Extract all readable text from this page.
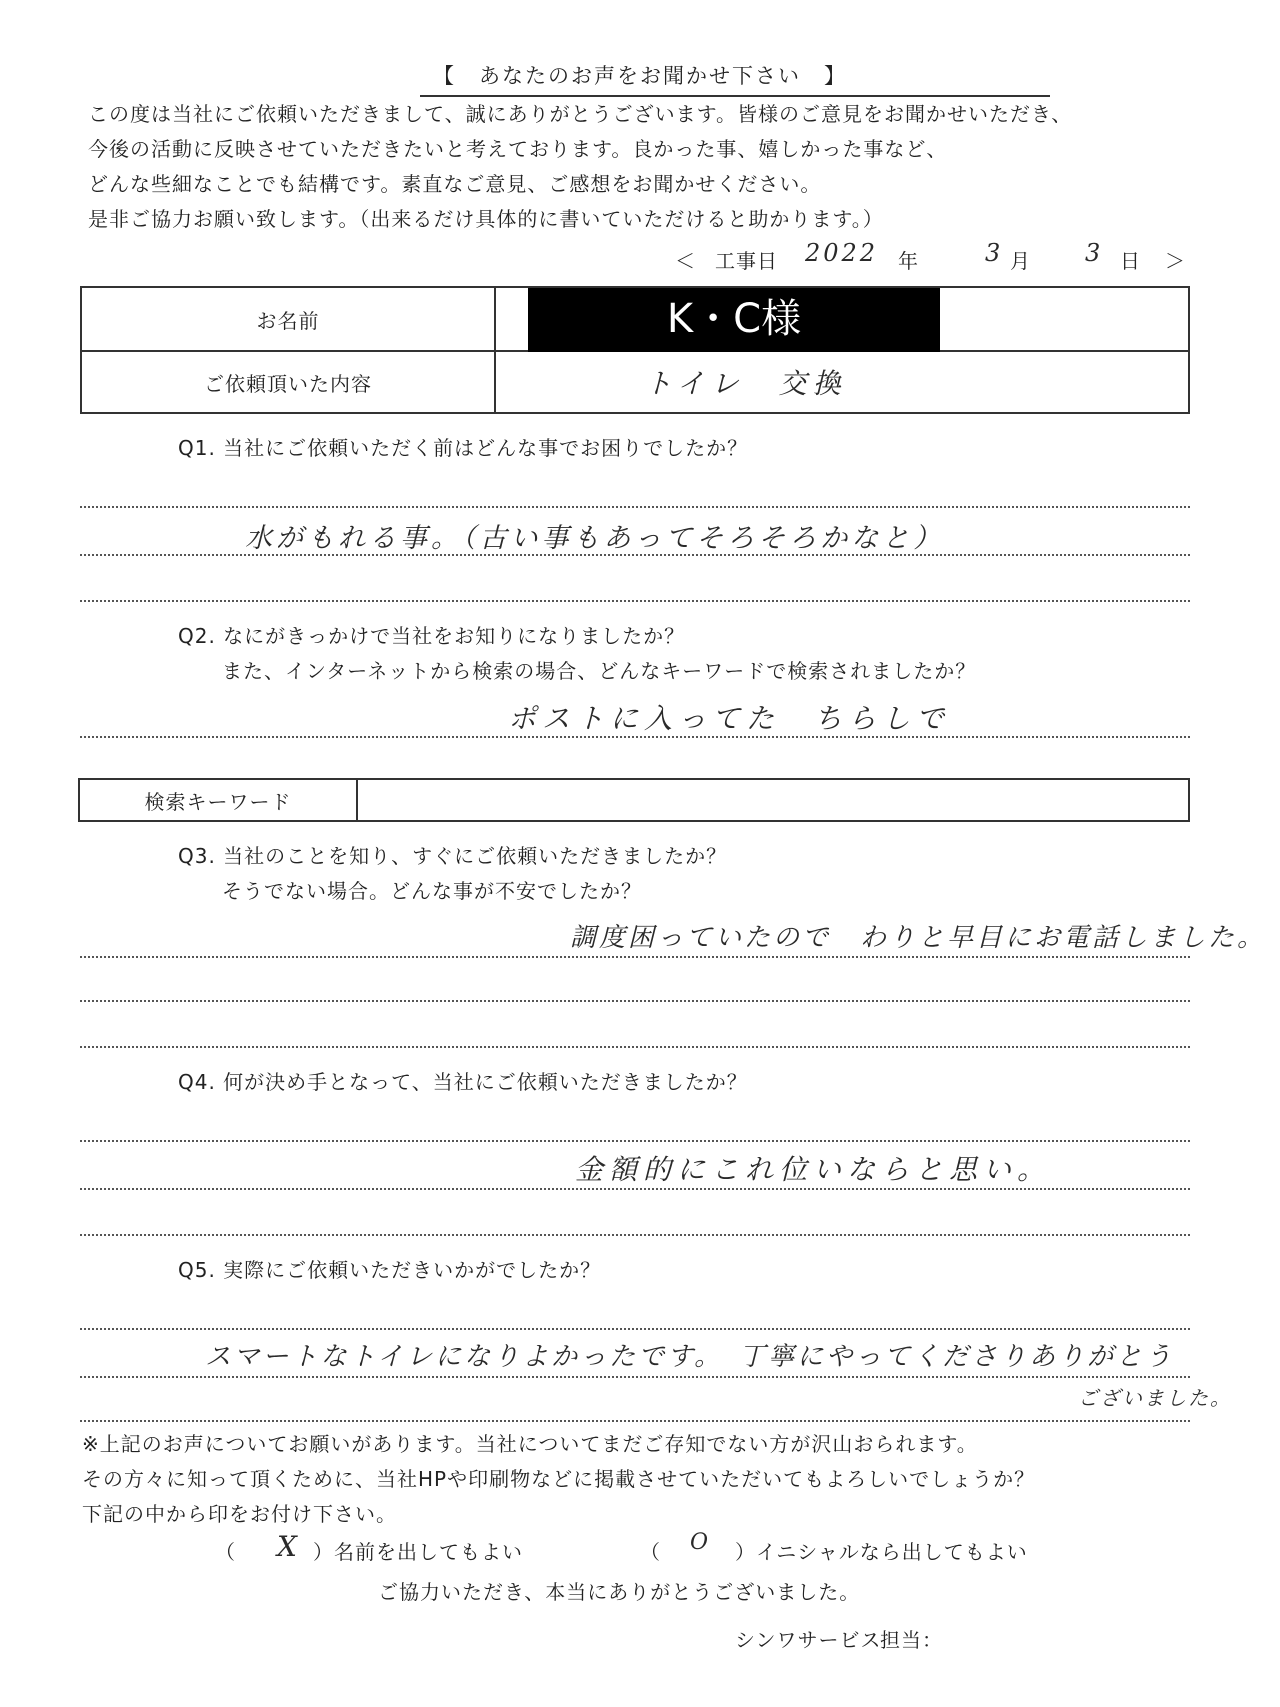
【　あなたのお声をお聞かせ下さい　】
この度は当社にご依頼いただきまして、誠にありがとうございます。皆様のご意見をお聞かせいただき、
今後の活動に反映させていただきたいと考えております。良かった事、嬉しかった事など、
どんな些細なことでも結構です。素直なご意見、ご感想をお聞かせください。
是非ご協力お願い致します。（出来るだけ具体的に書いていただけると助かります。）
＜ 工事日 2022 年	3 月 3 日 ＞
お名前	K・C様

ご依頼頂いた内容	トイレ　交換
Q1. 当社にご依頼いただく前はどんな事でお困りでしたか？
水がもれる事。（古い事もあってそろそろかなと）
Q2. なにがきっかけで当社をお知りになりましたか？
また、インターネットから検索の場合、どんなキーワードで検索されましたか？
ポストに入ってた　ちらしで
検索キーワード	
Q3. 当社のことを知り、すぐにご依頼いただきましたか？
そうでない場合。どんな事が不安でしたか？
調度困っていたので　わりと早目にお電話しました。
Q4. 何が決め手となって、当社にご依頼いただきましたか？
金額的にこれ位いならと思い。
Q5. 実際にご依頼いただきいかがでしたか？
スマートなトイレになりよかったです。　丁寧にやってくださりありがとう
ございました。
※上記のお声についてお願いがあります。当社についてまだご存知でない方が沢山おられます。
その方々に知って頂くために、当社HPや印刷物などに掲載させていただいてもよろしいでしょうか？
下記の中から印をお付け下さい。
（ X ）名前を出してもよい	（ O ）イニシャルなら出してもよい
ご協力いただき、本当にありがとうございました。
シンワサービス
担当：
